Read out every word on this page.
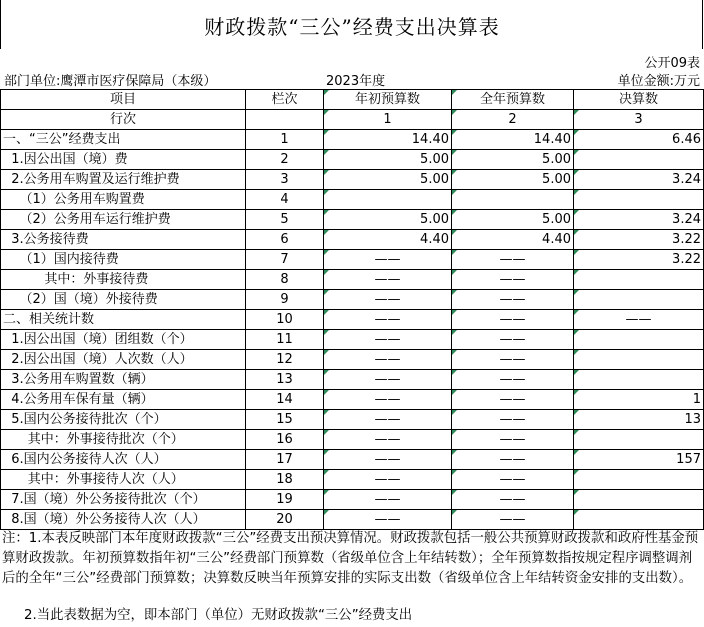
财政拨款“三公”经费支出决算表
公开09表
部门单位:鹰潭市医疗保障局（本级）	2023年度	单位金额:万元
项目	栏次	年初预算数	全年预算数	决算数
行次		1	2	3
一、“三公”经费支出	1	14.40	14.40	6.46
1.因公出国（境）费	2	5.00	5.00	
2.公务用车购置及运行维护费	3	5.00	5.00	3.24
（1）公务用车购置费	4			
（2）公务用车运行维护费	5	5.00	5.00	3.24
3.公务接待费	6	4.40	4.40	3.22
（1）国内接待费	7	——	——	3.22
其中：外事接待费	8	——	——	
（2）国（境）外接待费	9	——	——	
二、相关统计数	10	——	——	——
1.因公出国（境）团组数（个）	11	——	——	
2.因公出国（境）人次数（人）	12	——	——	
3.公务用车购置数（辆）	13	——	——	
4.公务用车保有量（辆）	14	——	——	1
5.国内公务接待批次（个）	15	——	——	13
其中：外事接待批次（个）	16	——	——	
6.国内公务接待人次（人）	17	——	——	157
其中：外事接待人次（人）	18	——	——	
7.国（境）外公务接待批次（个）	19	——	——	
8.国（境）外公务接待人次（人）	20	——	——	
注：1.本表反映部门本年度财政拨款“三公”经费支出预决算情况。财政拨款包括一般公共预算财政拨款和政府性基金预算财政拨款。年初预算数指年初“三公”经费部门预算数（省级单位含上年结转数）；全年预算数指按规定程序调整调剂后的全年“三公”经费部门预算数；决算数反映当年预算安排的实际支出数（省级单位含上年结转资金安排的支出数）。
2.当此表数据为空，即本部门（单位）无财政拨款“三公”经费支出
